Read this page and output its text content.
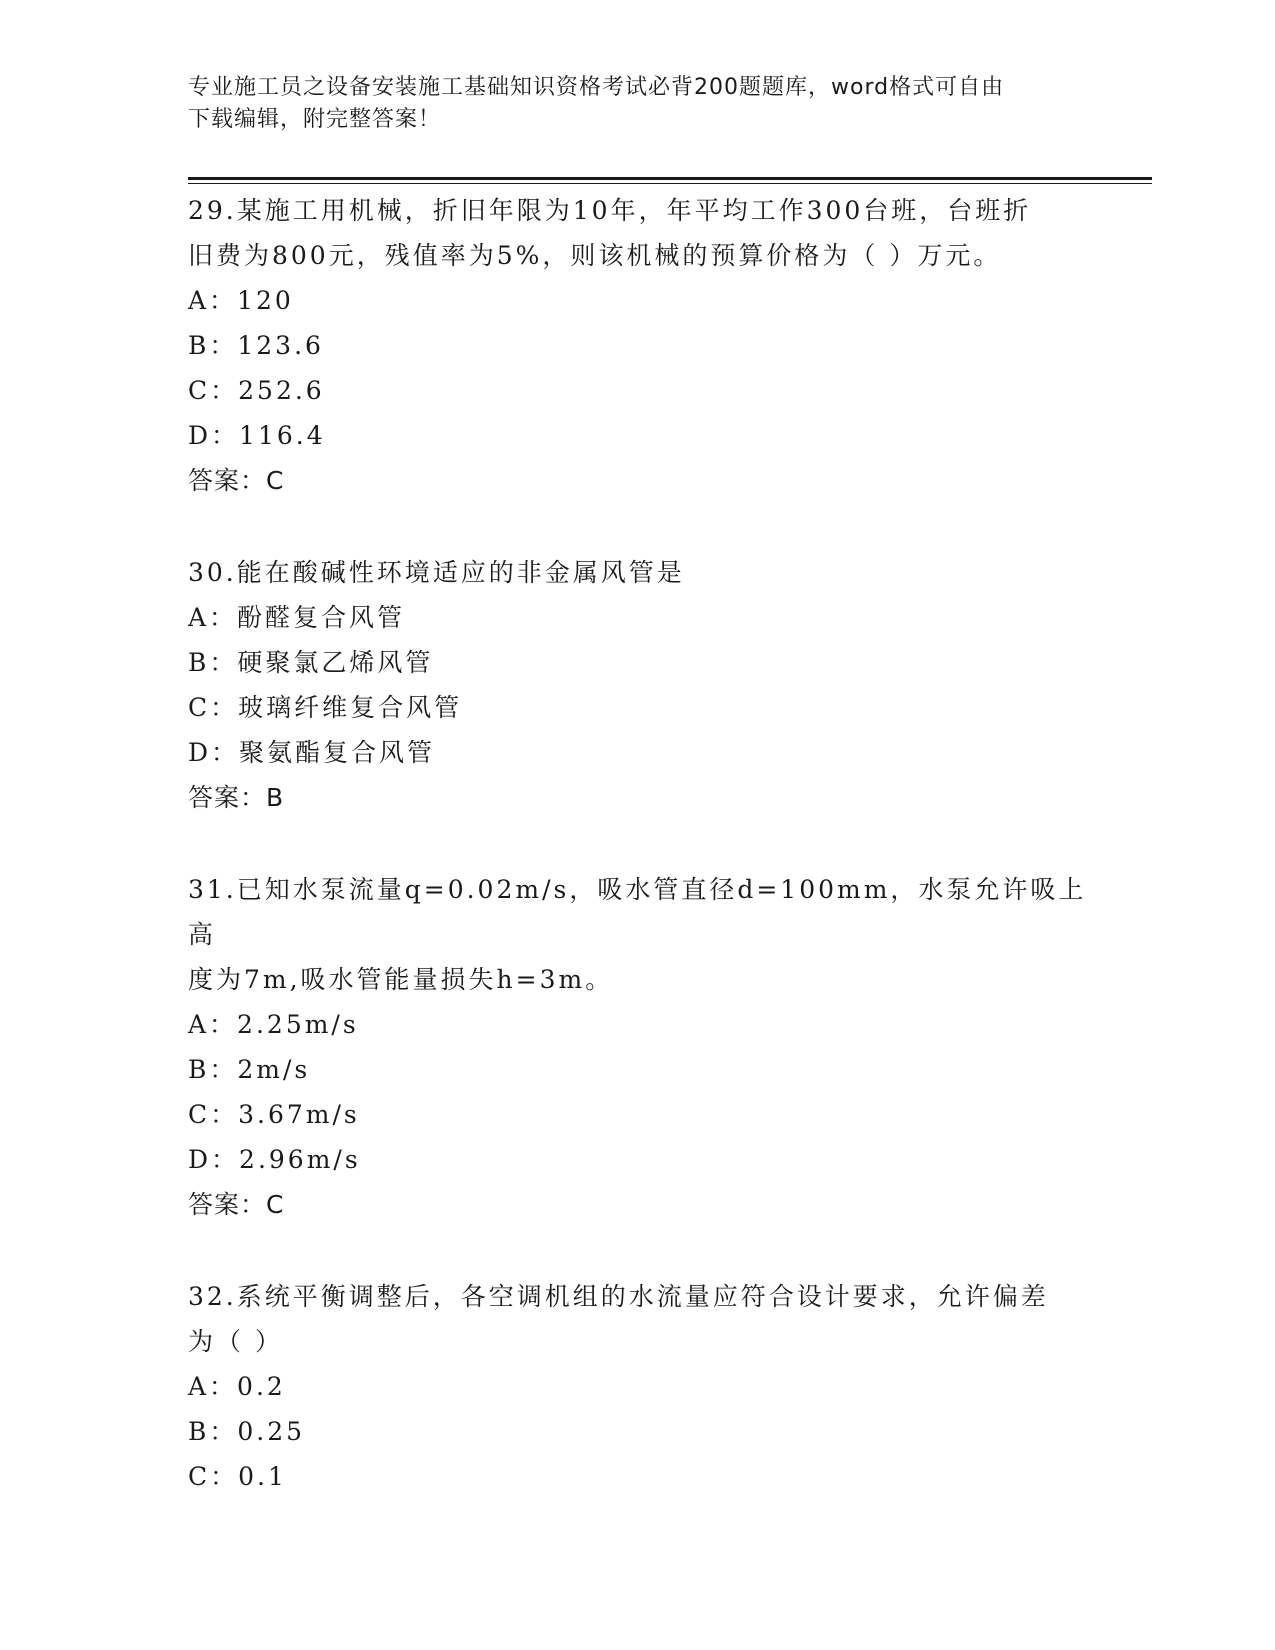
专业施工员之设备安装施工基础知识资格考试必背200题题库，word格式可自由
下载编辑，附完整答案！
29.某施工用机械，折旧年限为10年，年平均工作300台班，台班折
旧费为800元，残值率为5%，则该机械的预算价格为（ ）万元。
A：120
B：123.6
C：252.6
D：116.4
答案：C
30.能在酸碱性环境适应的非金属风管是
A：酚醛复合风管
B：硬聚氯乙烯风管
C：玻璃纤维复合风管
D：聚氨酯复合风管
答案：B
31.已知水泵流量q=0.02m/s，吸水管直径d=100mm，水泵允许吸上高
度为7m,吸水管能量损失h=3m。
A：2.25m/s
B：2m/s
C：3.67m/s
D：2.96m/s
答案：C
32.系统平衡调整后，各空调机组的水流量应符合设计要求，允许偏差
为（ ）
A：0.2
B：0.25
C：0.1
